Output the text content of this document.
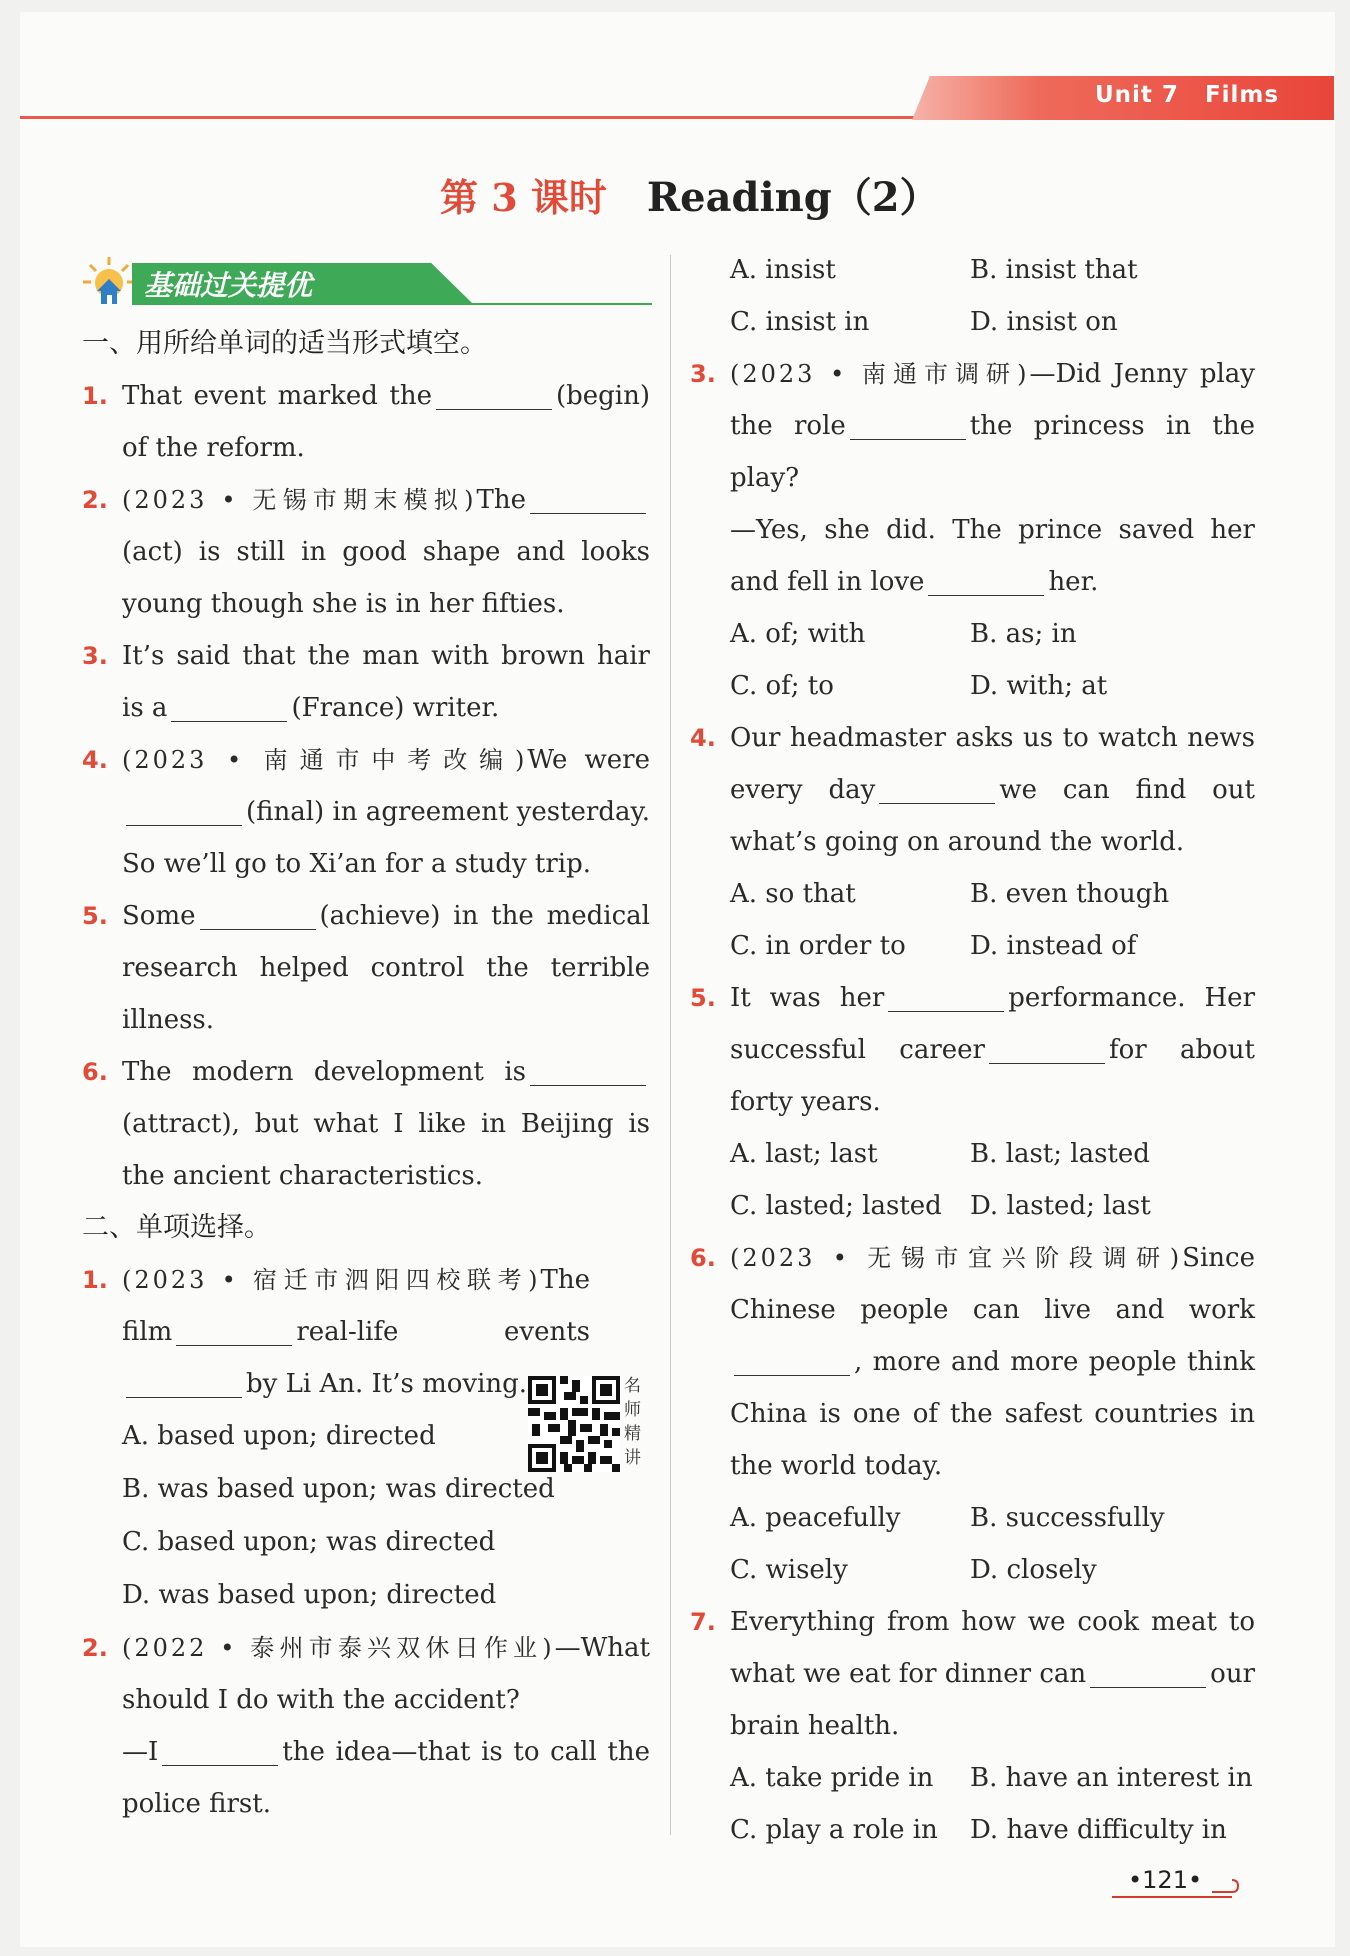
Unit 7 Films
第 3 课时 Reading（2）
基础过关提优
一、用所给单词的适当形式填空。
1. That event marked the	(begin) of the reform.
2. (2023 • 无锡市期末模拟)The(act) is still in good shape and looks young though she is in her fifties.
3. It’s said that the man with brown hair is a	(France) writer.
4. (2023 • 南通市中考改编)We were(final) in agreement yesterday. So we’ll go to Xi’an for a study trip.
5. Some	(achieve) in the medical research helped control the terrible illness.
6. The modern development is(attract), but what I like in Beijing is the ancient characteristics.
二、单项选择。
1. (2023 • 宿迁市泗阳四校联考)The film	real-life eventsby Li An. It’s moving.
A. based upon; directed
B. was based upon; was directed
C. based upon; was directed
D. was based upon; directed
2. (2022 • 泰州市泰兴双休日作业)—What should I do with the accident?
—I	the idea—that is to call the police first.
名师精讲
A. insist	B. insist that
C. insist in	D. insist on
3. (2023 • 南通市调研)—Did Jenny play the role	the princess in the play?
—Yes, she did. The prince saved her and fell in love	her.
A. of; with	B. as; in
C. of; to	D. with; at
4. Our headmaster asks us to watch news every day	we can find out what’s going on around the world.
A. so that	B. even though
C. in order to	D. instead of
5. It was her	performance. Her successful career	for about forty years.
A. last; last	B. last; lasted
C. lasted; lasted	D. lasted; last
6. (2023 • 无锡市宜兴阶段调研)Since Chinese people can live and work, more and more people think China is one of the safest countries in the world today.
A. peacefully	B. successfully
C. wisely	D. closely
7. Everything from how we cook meat to what we eat for dinner can	our brain health.
A. take pride in	B. have an interest in
C. play a role in	D. have difficulty in
•121•
